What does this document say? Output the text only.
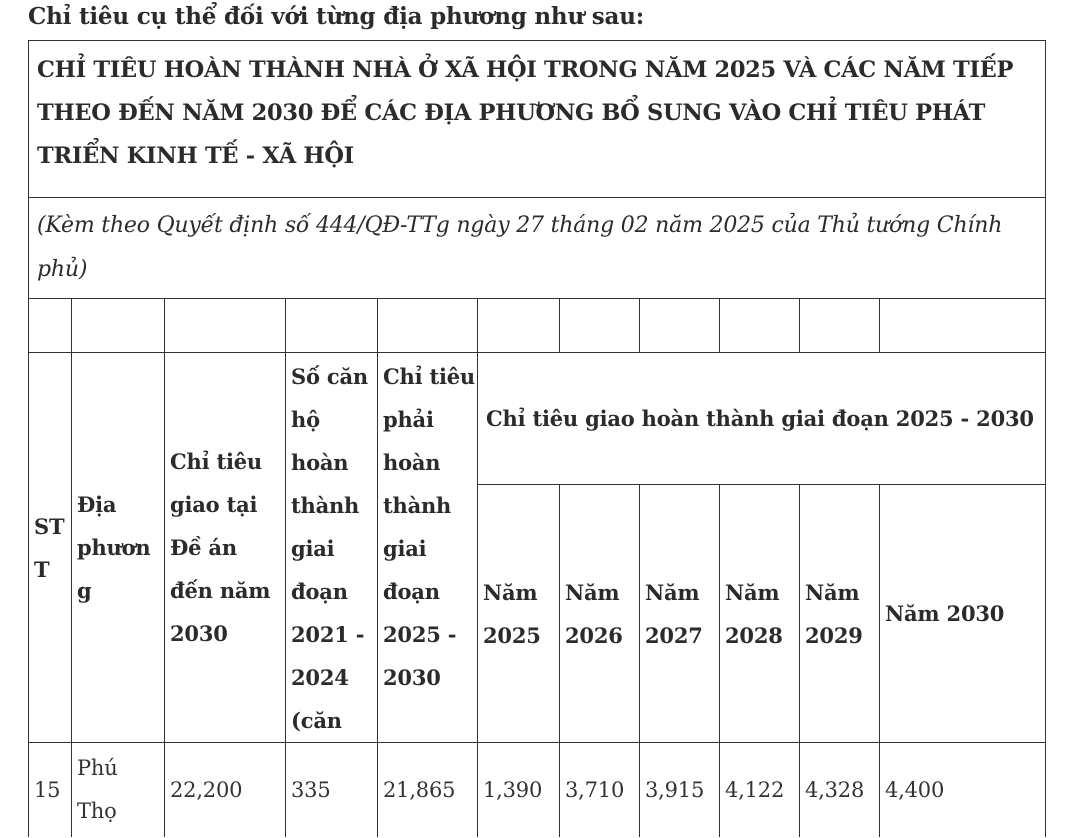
Chỉ tiêu cụ thể đối với từng địa phương như sau:
CHỈ TIÊU HOÀN THÀNH NHÀ Ở XÃ HỘI TRONG NĂM 2025 VÀ CÁC NĂM TIẾP THEO ĐẾN NĂM 2030 ĐỂ CÁC ĐỊA PHƯƠNG BỔ SUNG VÀO CHỈ TIÊU PHÁT TRIỂN KINH TẾ - XÃ HỘI										

(Kèm theo Quyết định số 444/QĐ-TTg ngày 27 tháng 02 năm 2025 của Thủ tướng Chính phủ)										

STT	Địa phương	Chỉ tiêu giao tại Đề án đến năm 2030	Số căn hộ hoàn thành giai đoạn 2021 - 2024 (căn	Chỉ tiêu phải hoàn thành giai đoạn 2025 - 2030	Chỉ tiêu giao hoàn thành giai đoạn 2025 - 2030					
					Năm 2025	Năm 2026	Năm 2027	Năm 2028	Năm 2029	Năm 2030
15	Phú Thọ	22,200	335	21,865	1,390	3,710	3,915	4,122	4,328	4,400
